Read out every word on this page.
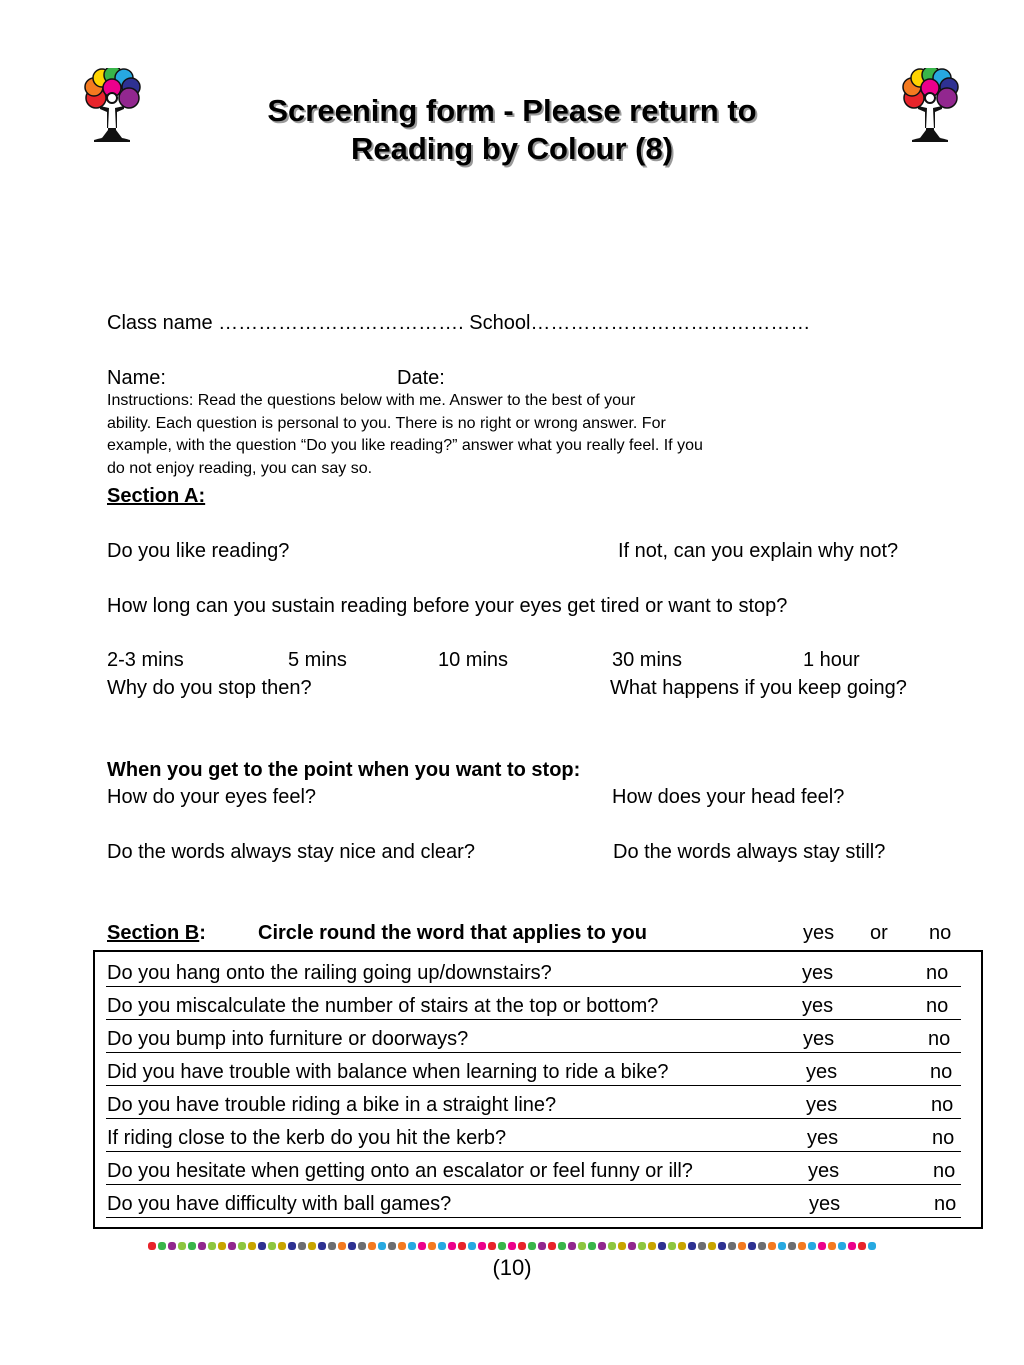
Screening form - Please return to
Reading by Colour (8)
Class name ………………………………. School……………………………………
Name:	Date:
Instructions: Read the questions below with me. Answer to the best of your
ability. Each question is personal to you. There is no right or wrong answer. For
example, with the question “Do you like reading?” answer what you really feel. If you
do not enjoy reading, you can say so.
Section A:
Do you like reading?	If not, can you explain why not?
How long can you sustain reading before your eyes get tired or want to stop?
2-3 mins	5 mins	10 mins	30 mins	1 hour
Why do you stop then?	What happens if you keep going?
When you get to the point when you want to stop:
How do your eyes feel?	How does your head feel?
Do the words always stay nice and clear?	Do the words always stay still?
Section B:	Circle round the word that applies to you	yes or no
Do you hang onto the railing going up/downstairs?	yes	no
Do you miscalculate the number of stairs at the top or bottom?	yes	no
Do you bump into furniture or doorways?	yes	no
Did you have trouble with balance when learning to ride a bike?	yes	no
Do you have trouble riding a bike in a straight line?	yes	no
If riding close to the kerb do you hit the kerb?	yes	no
Do you hesitate when getting onto an escalator or feel funny or ill?	yes	no
Do you have difficulty with ball games?	yes	no
(10)
